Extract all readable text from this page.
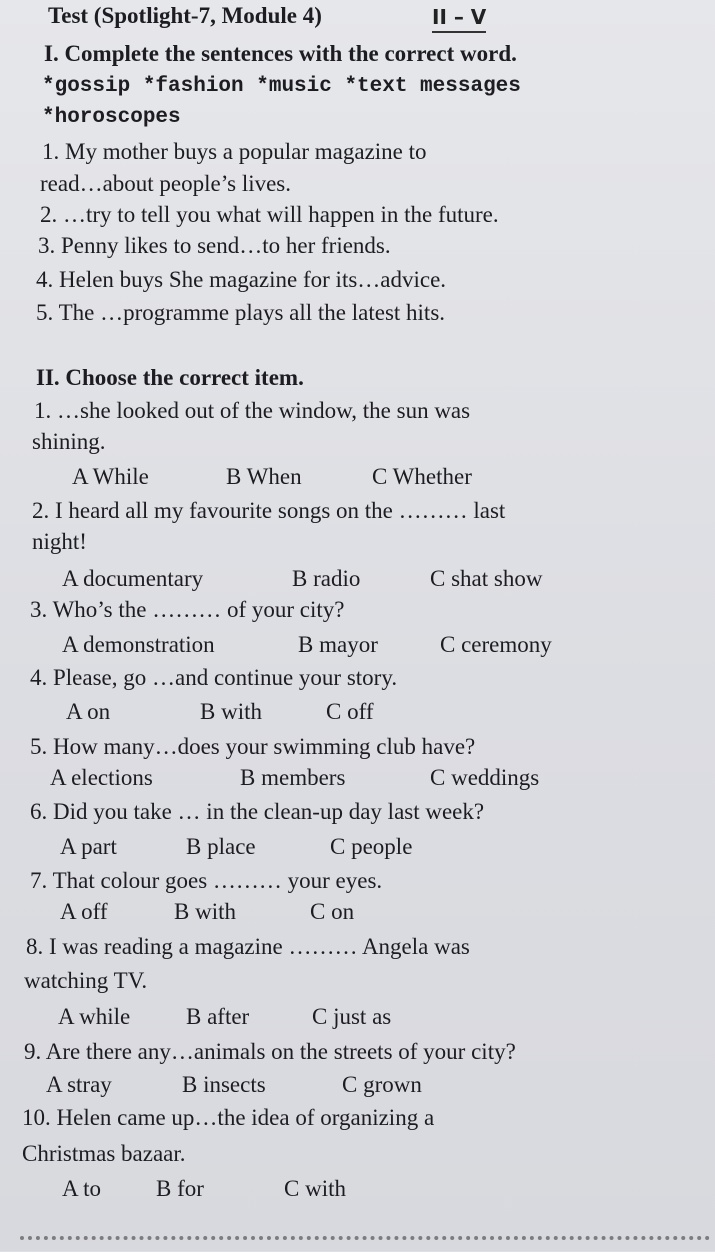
Test (Spotlight-7, Module 4)	II – V
I. Complete the sentences with the correct word.
*gossip *fashion *music *text messages
*horoscopes
1. My mother buys a popular magazine to
read…about people’s lives.
2. …try to tell you what will happen in the future.
3. Penny likes to send…to her friends.
4. Helen buys She magazine for its…advice.
5. The …programme plays all the latest hits.
II. Choose the correct item.
1. …she looked out of the window, the sun was
shining.
A While	B When	C Whether
2. I heard all my favourite songs on the ……… last
night!
A documentary	B radio	C shat show
3. Who’s the ……… of your city?
A demonstration	B mayor	C ceremony
4. Please, go …and continue your story.
A on	B with	C off
5. How many…does your swimming club have?
A elections	B members	C weddings
6. Did you take … in the clean-up day last week?
A part	B place	C people
7. That colour goes ……… your eyes.
A off	B with	C on
8. I was reading a magazine ……… Angela was
watching TV.
A while B after	C just as
9. Are there any…animals on the streets of your city?
A stray	B insects	C grown
10. Helen came up…the idea of organizing a
Christmas bazaar.
A to B for	C with
